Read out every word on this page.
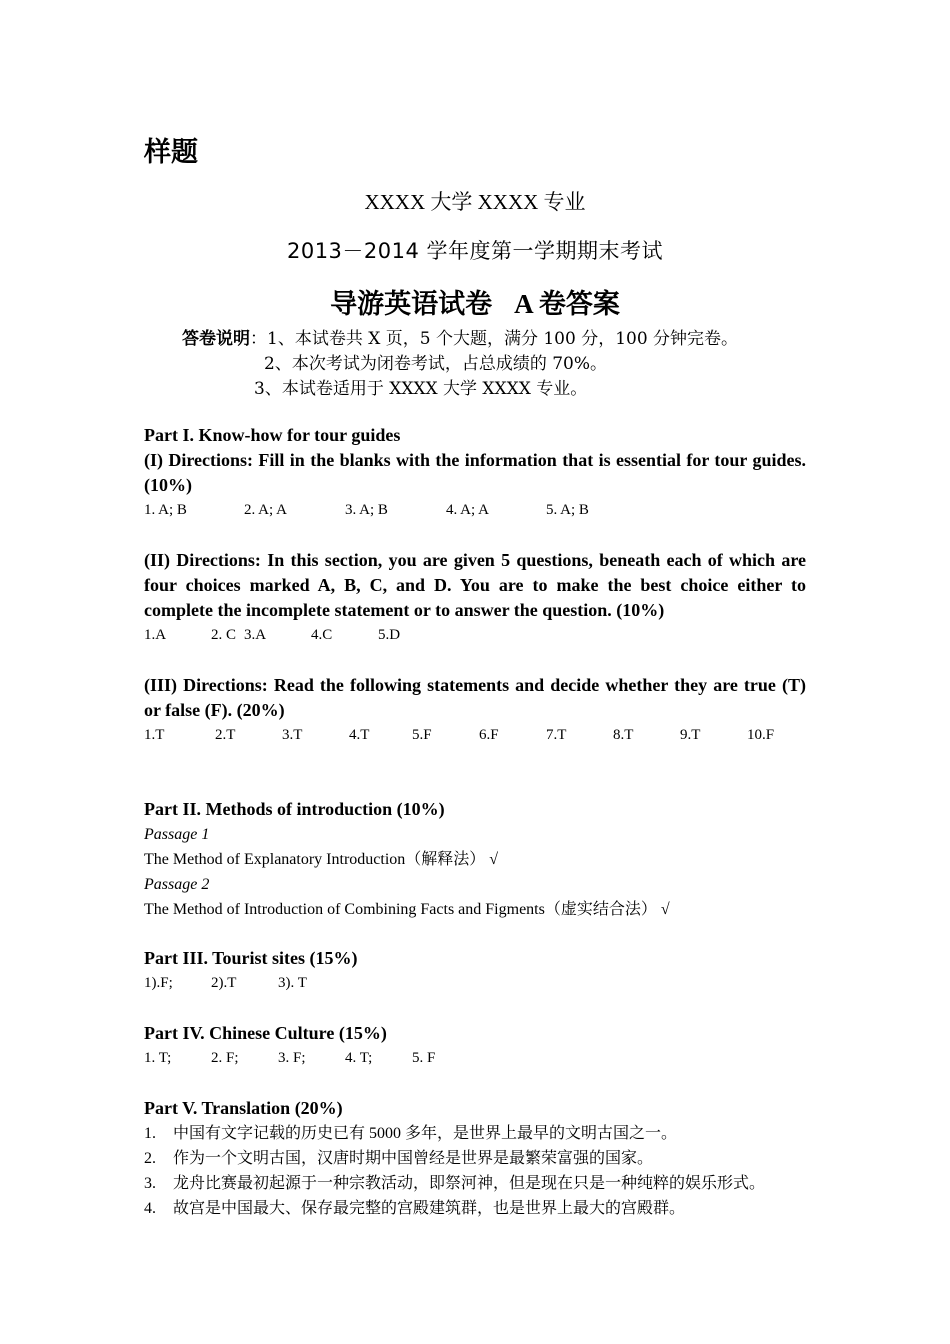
样题
XXXX 大学 XXXX 专业
2013－2014 学年度第一学期期末考试
导游英语试卷 A 卷答案
答卷说明：1、本试卷共 X 页，5 个大题，满分 100 分，100 分钟完卷。
2、本次考试为闭卷考试，占总成绩的 70%。
3、本试卷适用于 XXXX 大学 XXXX 专业。
Part I. Know-how for tour guides
(I) Directions: Fill in the blanks with the information that is essential for tour guides. (10%)
1. A; B	2. A; A	3. A; B	4. A; A	5. A; B
(II) Directions: In this section, you are given 5 questions, beneath each of which are four choices marked A, B, C, and D. You are to make the best choice either to complete the incomplete statement or to answer the question. (10%)
1.A	2. C 3.A	4.C	5.D
(III) Directions: Read the following statements and decide whether they are true (T) or false (F). (20%)
1.T	2.T	3.T	4.T	5.F	6.F	7.T	8.T	9.T	10.F
Part II. Methods of introduction (10%)
Passage 1
The Method of Explanatory Introduction（解释法） √
Passage 2
The Method of Introduction of Combining Facts and Figments（虚实结合法） √
Part III. Tourist sites (15%)
1).F;	2).T	3). T
Part IV. Chinese Culture (15%)
1. T;	2. F;	3. F;	4. T;	5. F
Part V. Translation (20%)
1. 中国有文字记载的历史已有 5000 多年，是世界上最早的文明古国之一。
2. 作为一个文明古国，汉唐时期中国曾经是世界是最繁荣富强的国家。
3. 龙舟比赛最初起源于一种宗教活动，即祭河神，但是现在只是一种纯粹的娱乐形式。
4. 故宫是中国最大、保存最完整的宫殿建筑群，也是世界上最大的宫殿群。
